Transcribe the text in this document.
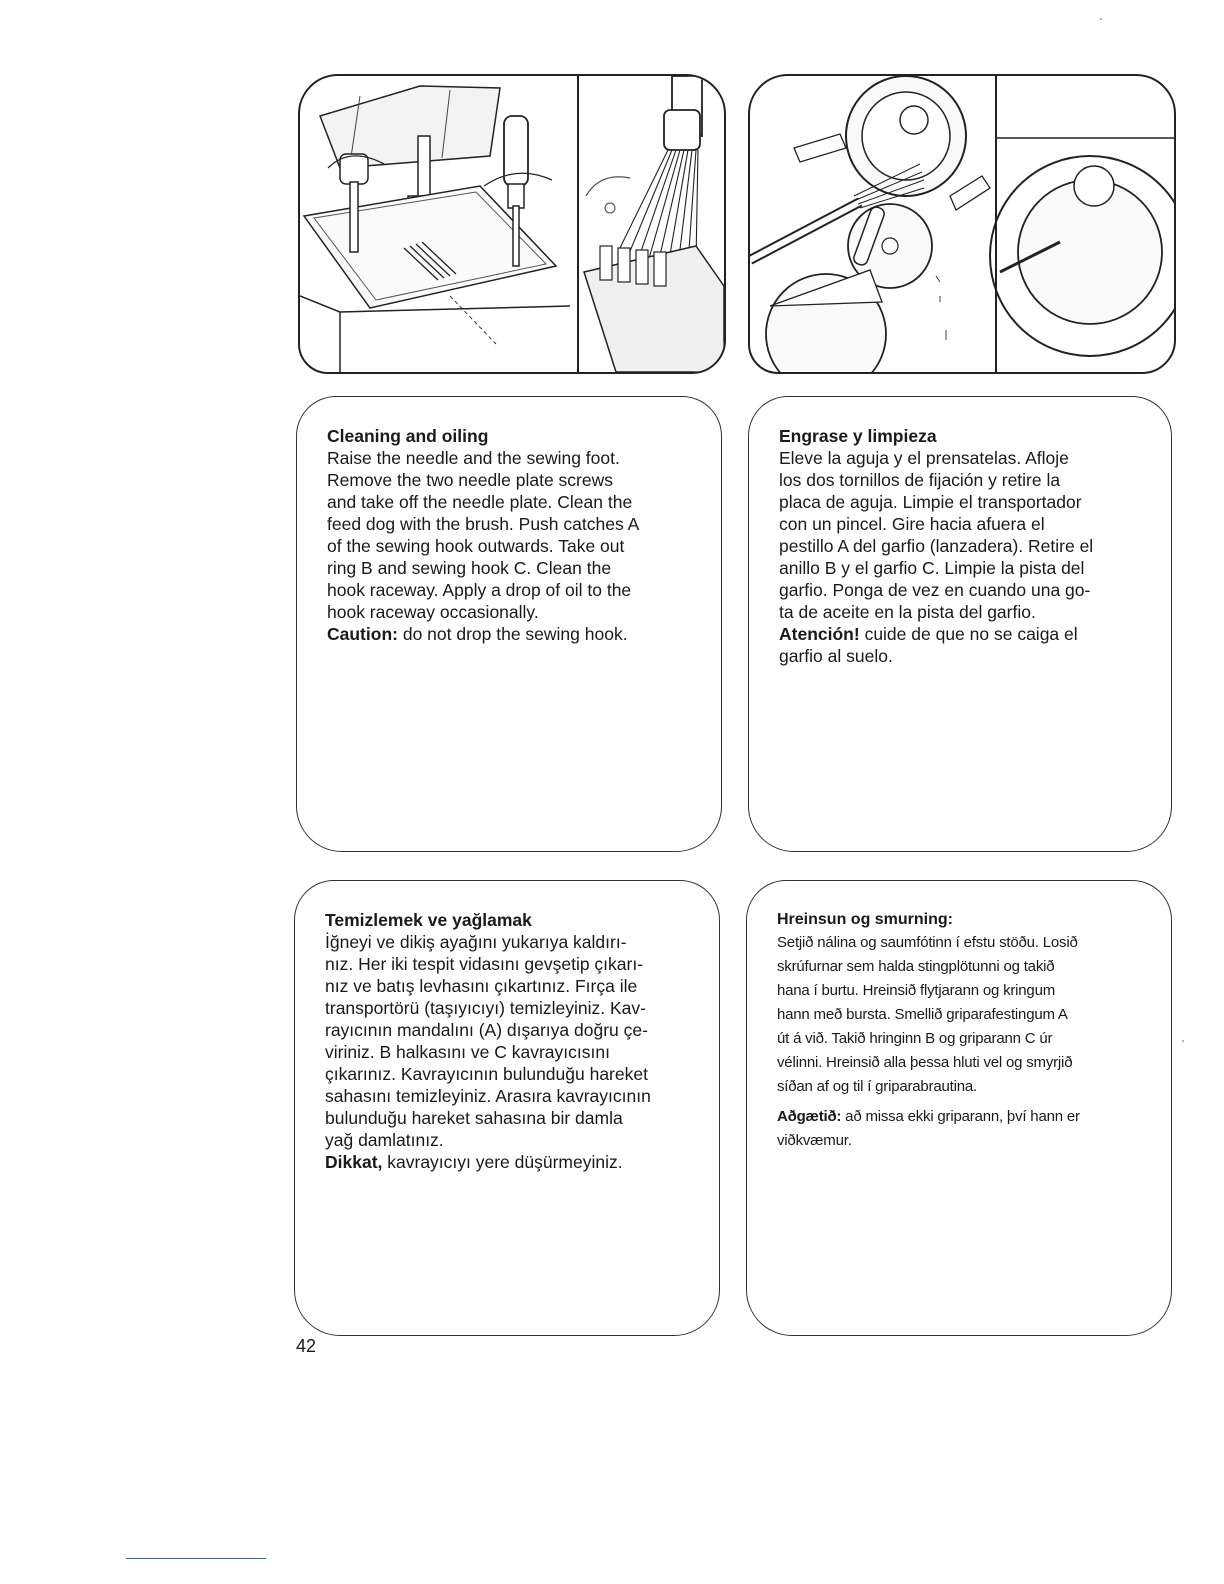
Cleaning and oiling

Raise the needle and the sewing foot.
Remove the two needle plate screws
and take off the needle plate. Clean the
feed dog with the brush. Push catches A
of the sewing hook outwards. Take out
ring B and sewing hook C. Clean the
hook raceway. Apply a drop of oil to the
hook raceway occasionally.

Caution: do not drop the sewing hook.

Engrase y limpieza

Eleve la aguja y el prensatelas. Afloje
los dos tornillos de fijación y retire la
placa de aguja. Limpie el transportador
con un pincel. Gire hacia afuera el
pestillo A del garfio (lanzadera). Retire el
anillo B y el garfio C. Limpie la pista del
garfio. Ponga de vez en cuando una go-
ta de aceite en la pista del garfio.

Atención! cuide de que no se caiga el
garfio al suelo.

Temizlemek ve yağlamak

İğneyi ve dikiş ayağını yukarıya kaldırı-
nız. Her iki tespit vidasını gevşetip çıkarı-
nız ve batış levhasını çıkartınız. Fırça ile
transportörü (taşıyıcıyı) temizleyiniz. Kav-
rayıcının mandalını (A) dışarıya doğru çe-
viriniz. B halkasını ve C kavrayıcısını
çıkarınız. Kavrayıcının bulunduğu hareket
sahasını temizleyiniz. Arasıra kavrayıcının
bulunduğu hareket sahasına bir damla
yağ damlatınız.

Dikkat, kavrayıcıyı yere düşürmeyiniz.

Hreinsun og smurning:

Setjið nálina og saumfótinn í efstu stöðu. Losið
skrúfurnar sem halda stingplötunni og takið
hana í burtu. Hreinsið flytjarann og kringum
hann með bursta. Smellið griparafestingum A
út á við. Takið hringinn B og griparann C úr
vélinni. Hreinsið alla þessa hluti vel og smyrjið
síðan af og til í griparabrautina.

Aðgætið: að missa ekki griparann, því hann er
viðkvæmur.

42
